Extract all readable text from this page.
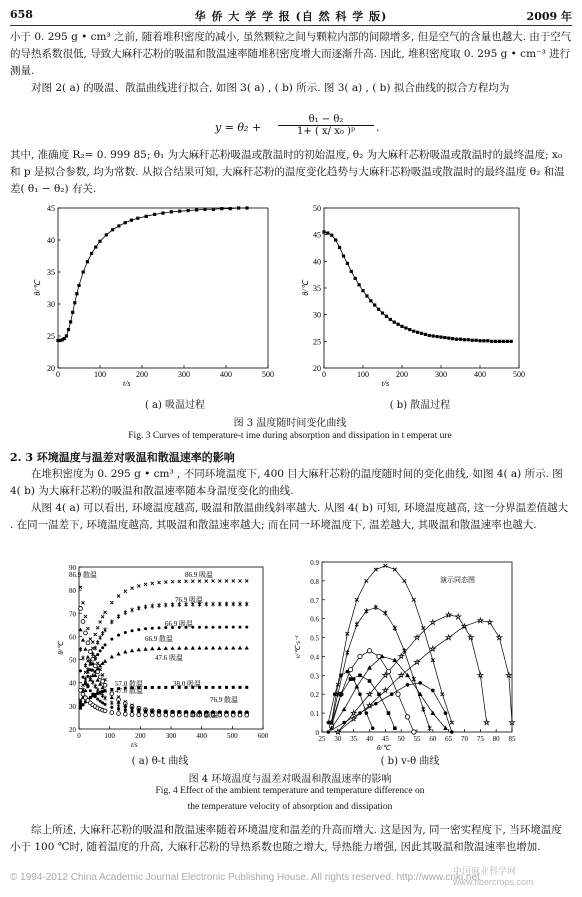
658	华 侨 大 学 学 报 (自 然 科 学 版)	2009 年
小于 0. 295 g • cm³ 之前, 随着堆积密度的减小, 虽然颗粒之间与颗粒内部的间隙增多, 但是空气的含量也越大. 由于空气的导热系数很低, 导致大麻秆芯粉的吸温和散温速率随堆积密度增大而逐渐升高. 因此, 堆积密度取 0. 295 g • cm⁻³ 进行测量.
对图 2( a) 的吸温、散温曲线进行拟合, 如图 3( a) , ( b) 所示. 图 3( a) , ( b) 拟合曲线的拟合方程均为
$y = \theta_2 + \frac{\text{θ₁ − θ₂}}{\text{1+ ( x/ x₀ )ᵖ}}$ .
其中, 准确度 R₂= 0. 999 85; θ₁ 为大麻秆芯粉吸温或散温时的初始温度, θ₂ 为大麻秆芯粉吸温或散温时的最终温度; x₀ 和 p 是拟合参数, 均为常数. 从拟合结果可知, 大麻秆芯粉的温度变化趋势与大麻秆芯粉吸温或散温时的最终温度 θ₂ 和温差( θ₁ − θ₂) 有关.
0	100	200	300	400	500
20
25
30
35
40
45
t/s
θ/℃
0	100	200	300	400	500
20
25
30
35
40
45
50
t/s
θ/℃
( a) 吸温过程	( b) 散温过程
图 3 温度随时间变化曲线
Fig. 3 Curves of temperature-t ime during absorption and dissipation in t emperat ure
2. 3 环境温度与温差对吸温和散温速率的影响
在堆积密度为 0. 295 g • cm³ , 不同环境温度下, 400 目大麻秆芯粉的温度随时间的变化曲线, 如图 4( a) 所示. 图 4( b) 为大麻秆芯粉的吸温和散温速率随本身温度变化的曲线.
从图 4( a) 可以看出, 环境温度越高, 吸温和散温曲线斜率越大. 从图 4( b) 可知, 环境温度越高, 这一分界温差值越大 . 在同一温差下, 环境温度越高, 其吸温和散温速率越大; 而在同一环境温度下, 温差越大, 其吸温和散温速率也越大.
0	100	200	300	400	500	600
20
30
40
50
60
70
80
90
t/s
θ/℃
86.9 散温	86.9 吸温
76.9 吸温
66.9 吸温
66.9 散温
47.6 吸温
57.0 散温
47.6 散温
38.0 吸温
76.9 散温
38.0 散温
25 30 35 40 45 50 55 60 65 70 75 80 85
0
0.1
0.2
0.3
0.4
0.5
0.6
0.7
0.8
0.9
θ/℃
v/℃·s⁻¹
演示同态图
( a) θ-t 曲线	( b) v-θ 曲线
图 4 环境温度与温差对吸温和散温速率的影响
Fig. 4 Effect of the ambient temperature and temperature difference on
the temperature velocity of absorption and dissipation
综上所述, 大麻秆芯粉的吸温和散温速率随着环境温度和温差的升高而增大. 这是因为, 同一密实程度下, 当环境温度小于 100 ℃时, 随着温度的升高, 大麻秆芯粉的导热系数也随之增大, 导热能力增强, 因此其吸温和散温速率也增加.
© 1994-2012 China Academic Journal Electronic Publishing House. All rights reserved. http://www.cnki.net
中国麻业科学网
www.fibercrops.com
